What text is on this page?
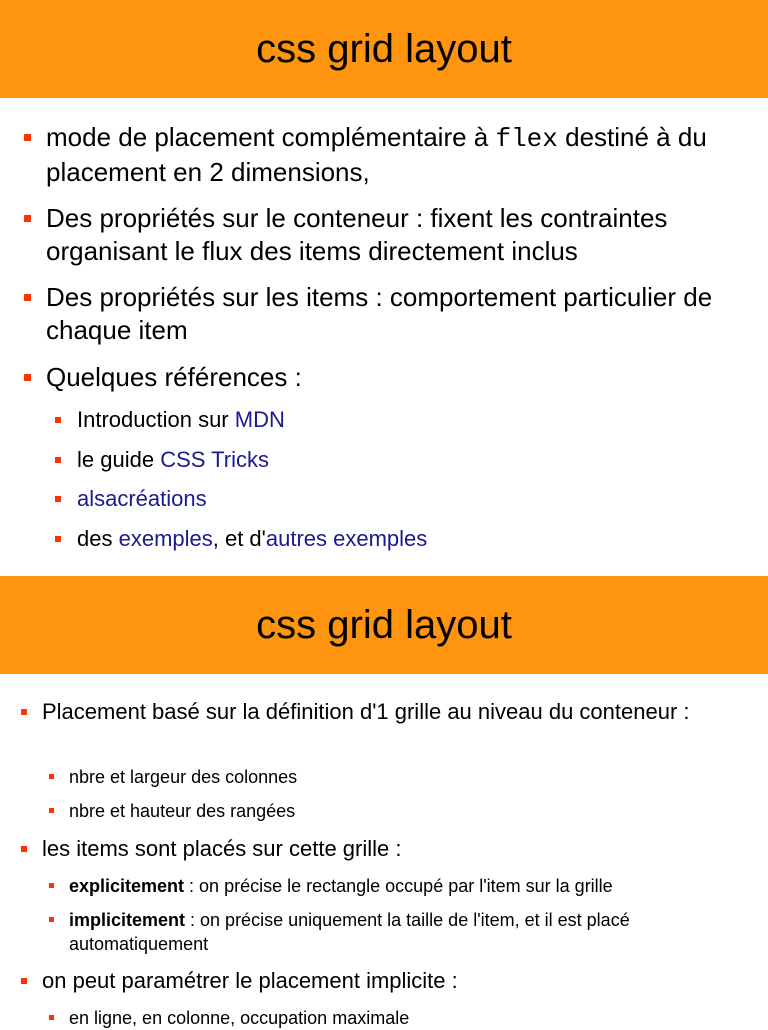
css grid layout
mode de placement complémentaire à flex destiné à du placement en 2 dimensions,
Des propriétés sur le conteneur : fixent les contraintes organisant le flux des items directement inclus
Des propriétés sur les items : comportement particulier de chaque item
Quelques références :
Introduction sur MDN
le guide CSS Tricks
alsacréations
des exemples, et d'autres exemples
css grid layout
Placement basé sur la définition d'1 grille au niveau du conteneur :
nbre et largeur des colonnes
nbre et hauteur des rangées
les items sont placés sur cette grille :
explicitement : on précise le rectangle occupé par l'item sur la grille
implicitement : on précise uniquement la taille de l'item, et il est placé automatiquement
on peut paramétrer le placement implicite :
en ligne, en colonne, occupation maximale
